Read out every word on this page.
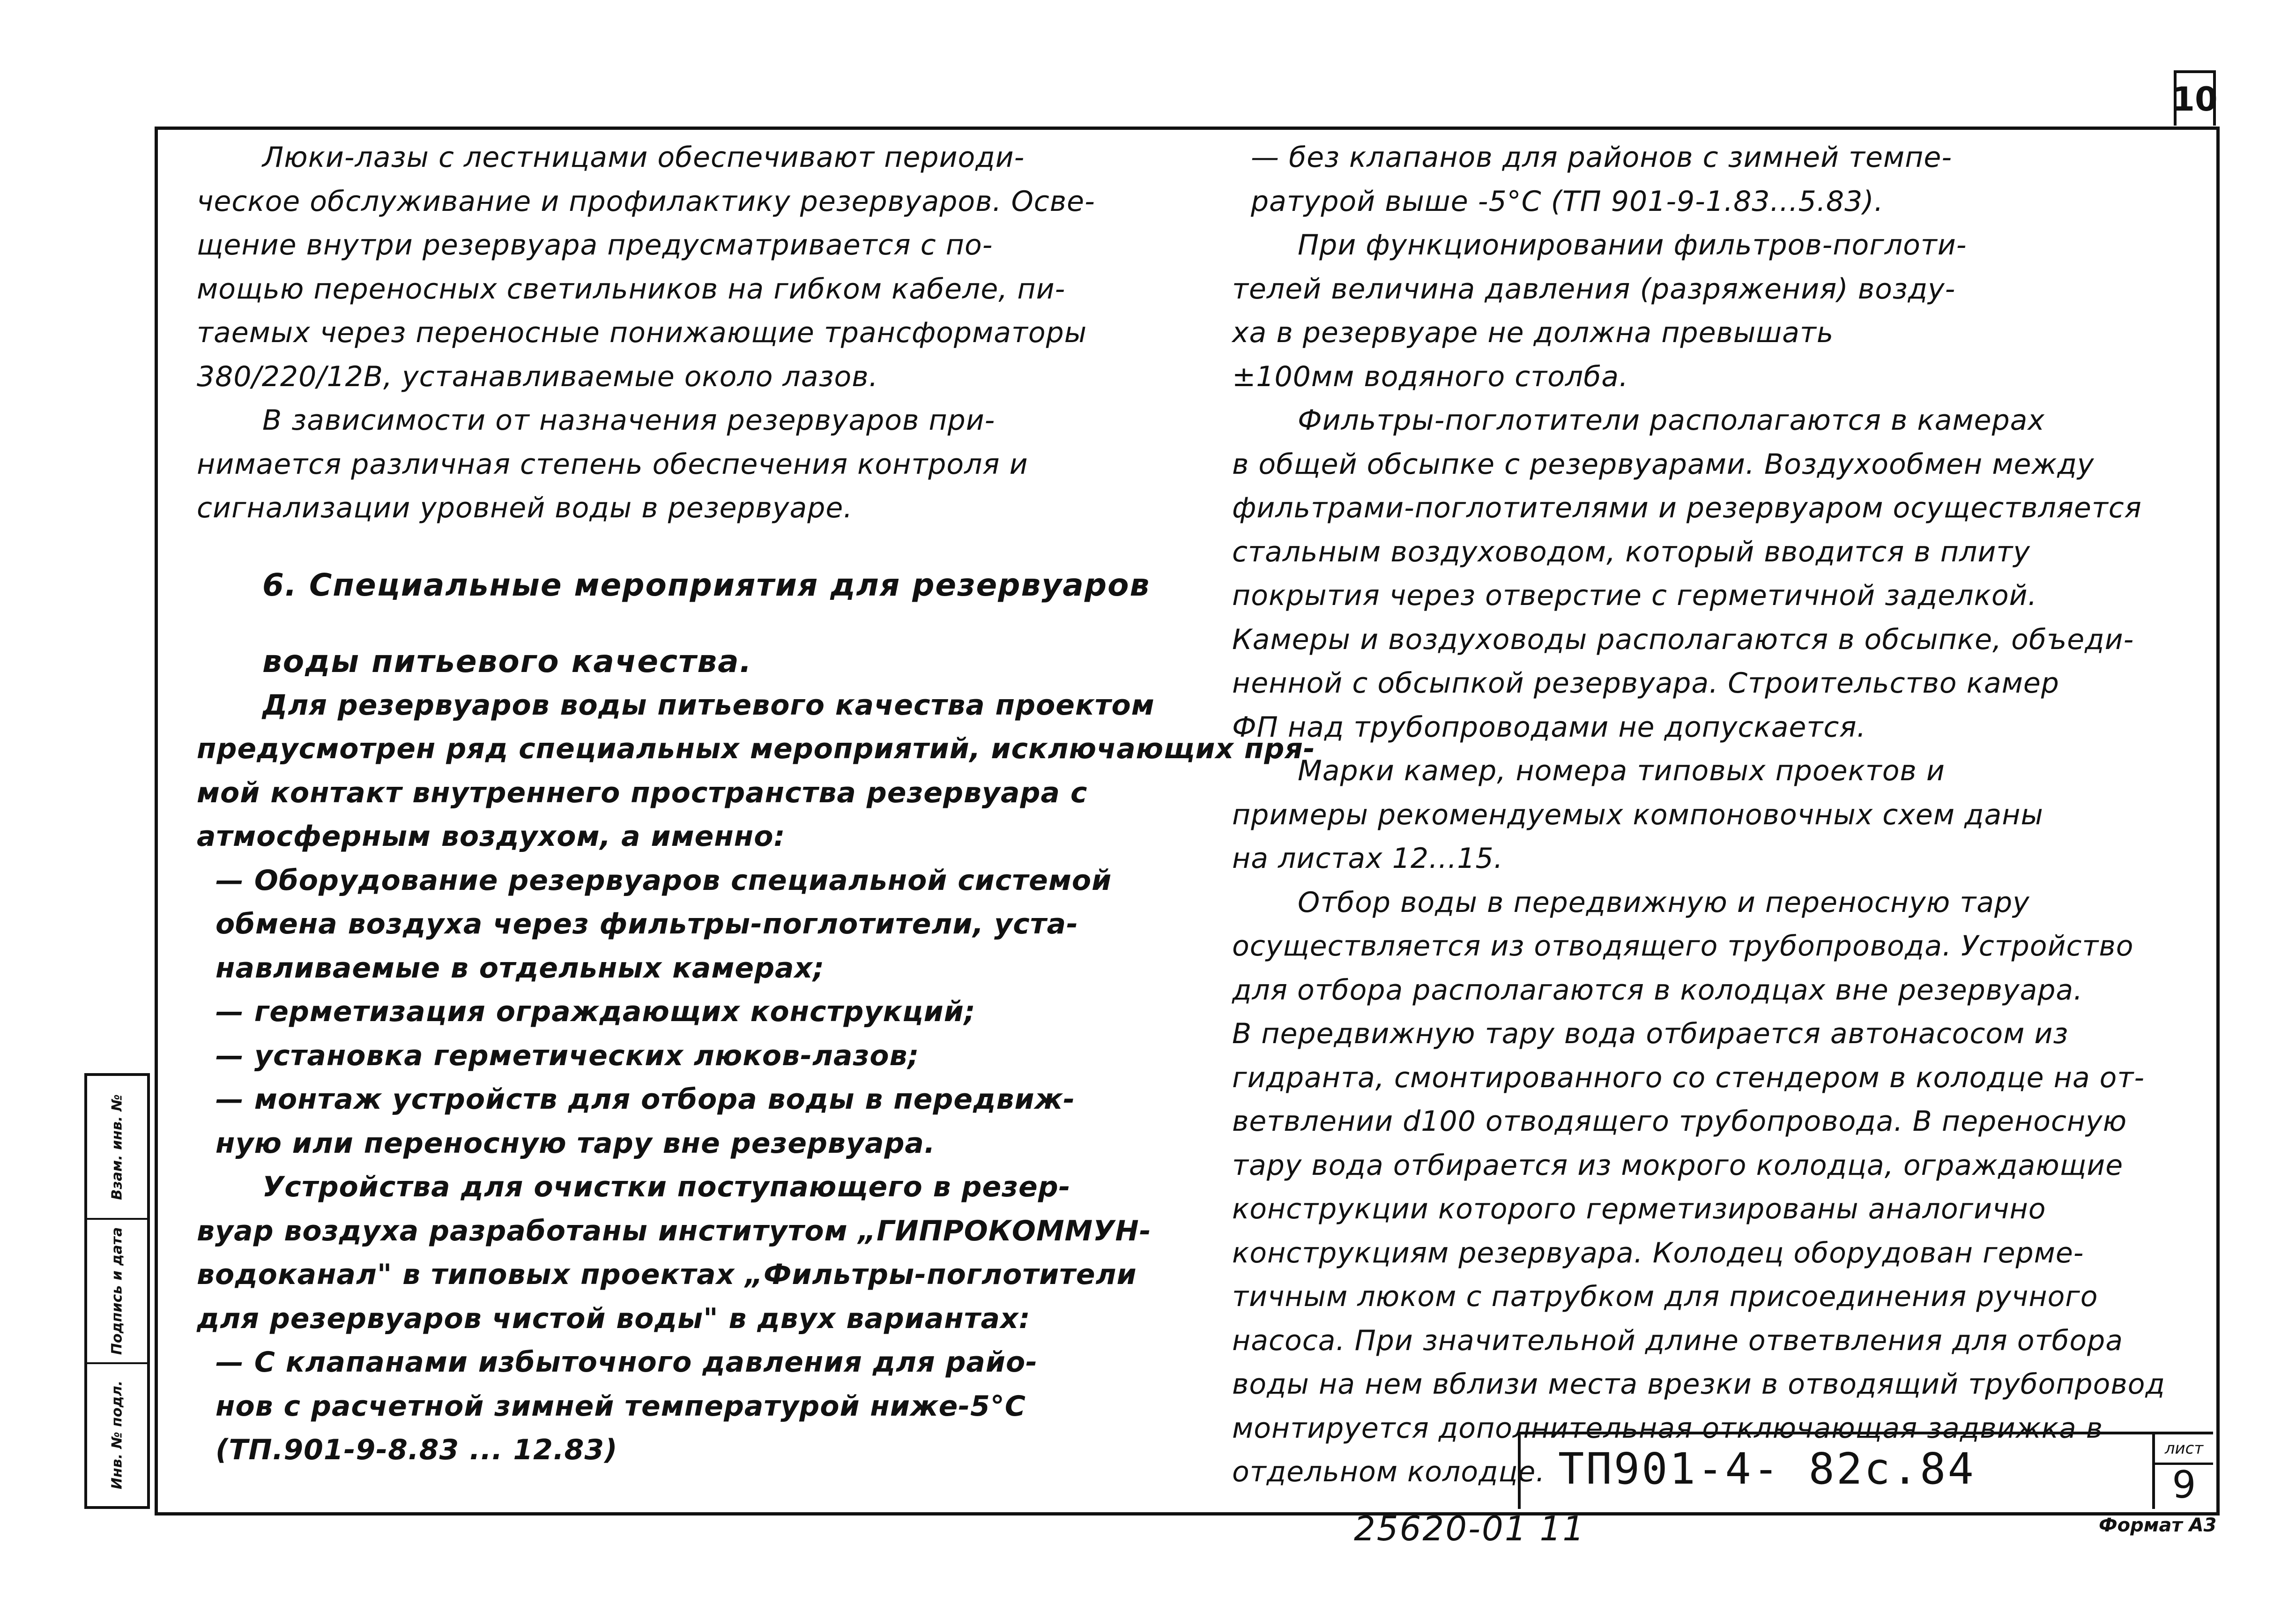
10

Люки-лазы с лестницами обеспечивают периоди-

ческое обслуживание и профилактику резервуаров. Осве-

щение внутри резервуара предусматривается с по-

мощью переносных светильников на гибком кабеле, пи-

таемых через переносные понижающие трансформаторы

380/220/12В, устанавливаемые около лазов.

В зависимости от назначения резервуаров при-

нимается различная степень обеспечения контроля и

сигнализации уровней воды в резервуаре.

6. Специальные мероприятия для резервуаров

воды питьевого качества.

Для резервуаров воды питьевого качества проектом

предусмотрен ряд специальных мероприятий, исключающих пря-

мой контакт внутреннего пространства резервуара с

атмосферным воздухом, а именно:

— Оборудование резервуаров специальной системой

обмена воздуха через фильтры-поглотители, уста-

навливаемые в отдельных камерах;

— герметизация ограждающих конструкций;

— установка герметических люков-лазов;

— монтаж устройств для отбора воды в передвиж-

ную или переносную тару вне резервуара.

Устройства для очистки поступающего в резер-

вуар воздуха разработаны институтом „ГИПРОКОММУН-

водоканал" в типовых проектах „Фильтры-поглотители

для резервуаров чистой воды" в двух вариантах:

— С клапанами избыточного давления для райо-

нов с расчетной зимней температурой ниже-5°С

(ТП.901-9-8.83 ... 12.83)

— без клапанов для районов с зимней темпе-

ратурой выше -5°С (ТП 901-9-1.83...5.83).

При функционировании фильтров-поглоти-

телей величина давления (разряжения) возду-

ха в резервуаре не должна превышать

±100мм водяного столба.

Фильтры-поглотители располагаются в камерах

в общей обсыпке с резервуарами. Воздухообмен между

фильтрами-поглотителями и резервуаром осуществляется

стальным воздуховодом, который вводится в плиту

покрытия через отверстие с герметичной заделкой.

Камеры и воздуховоды располагаются в обсыпке, объеди-

ненной с обсыпкой резервуара. Строительство камер

ФП над трубопроводами не допускается.

Марки камер, номера типовых проектов и

примеры рекомендуемых компоновочных схем даны

на листах 12...15.

Отбор воды в передвижную и переносную тару

осуществляется из отводящего трубопровода. Устройство

для отбора располагаются в колодцах вне резервуара.

В передвижную тару вода отбирается автонасосом из

гидранта, смонтированного со стендером в колодце на от-

ветвлении d100 отводящего трубопровода. В переносную

тару вода отбирается из мокрого колодца, ограждающие

конструкции которого герметизированы аналогично

конструкциям резервуара. Колодец оборудован герме-

тичным люком с патрубком для присоединения ручного

насоса. При значительной длине ответвления для отбора

воды на нем вблизи места врезки в отводящий трубопровод

монтируется дополнительная отключающая задвижка в

отдельном колодце.

Инв. № подл.
Подпись и дата
Взам. инв. №
ТП901-4- 82с.84	лист
9
25620-01 11	Формат А3
